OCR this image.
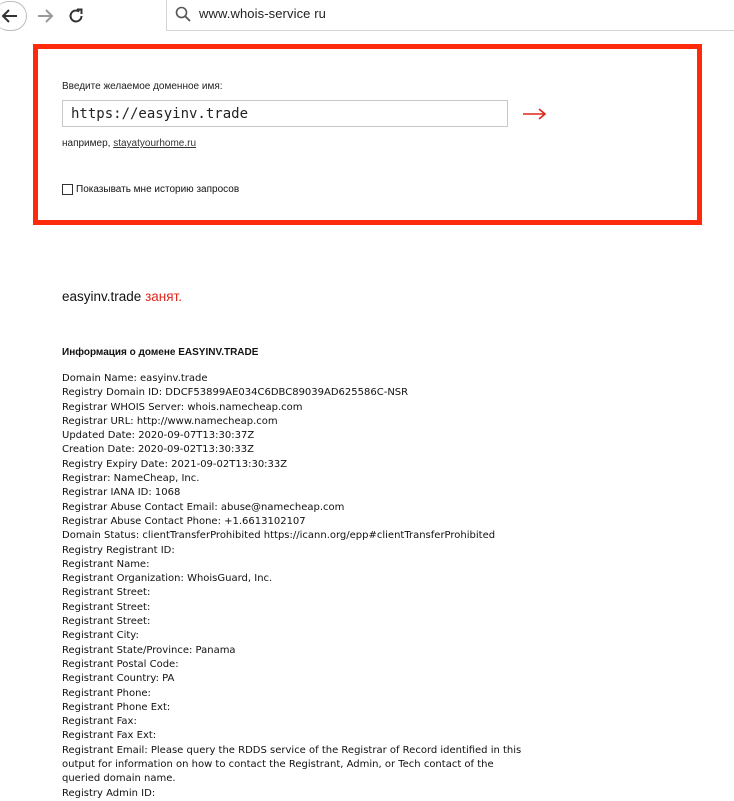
www.whois-service ru
Введите желаемое доменное имя:
https://easyinv.trade
например, stayatyourhome.ru
Показывать мне историю запросов
easyinv.trade занят.
Информация о домене EASYINV.TRADE
Domain Name: easyinv.trade
Registry Domain ID: DDCF53899AE034C6DBC89039AD625586C-NSR
Registrar WHOIS Server: whois.namecheap.com
Registrar URL: http://www.namecheap.com
Updated Date: 2020-09-07T13:30:37Z
Creation Date: 2020-09-02T13:30:33Z
Registry Expiry Date: 2021-09-02T13:30:33Z
Registrar: NameCheap, Inc.
Registrar IANA ID: 1068
Registrar Abuse Contact Email: abuse@namecheap.com
Registrar Abuse Contact Phone: +1.6613102107
Domain Status: clientTransferProhibited https://icann.org/epp#clientTransferProhibited
Registry Registrant ID:
Registrant Name:
Registrant Organization: WhoisGuard, Inc.
Registrant Street:
Registrant Street:
Registrant Street:
Registrant City:
Registrant State/Province: Panama
Registrant Postal Code:
Registrant Country: PA
Registrant Phone:
Registrant Phone Ext:
Registrant Fax:
Registrant Fax Ext:
Registrant Email: Please query the RDDS service of the Registrar of Record identified in this output for information on how to contact the Registrant, Admin, or Tech contact of the queried domain name.
Registry Admin ID:
